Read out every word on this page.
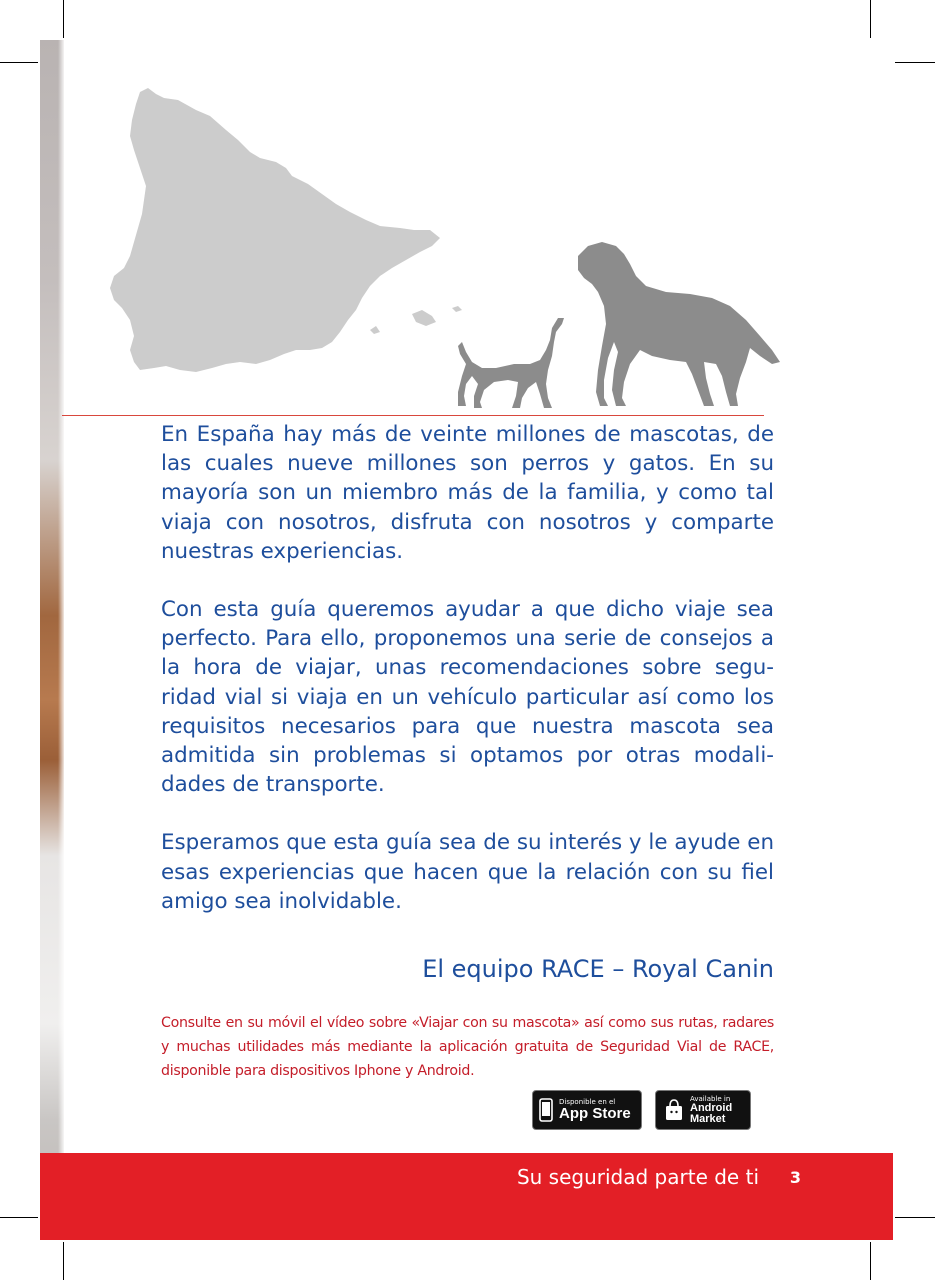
En España hay más de veinte millones de mascotas, de las cuales nueve millones son perros y gatos. En su mayoría son un miembro más de la familia, y como tal viaja con nosotros, disfruta con nosotros y comparte nuestras experiencias.

Con esta guía queremos ayudar a que dicho viaje sea perfecto. Para ello, proponemos una serie de consejos a la hora de viajar, unas recomendaciones sobre segu-ridad vial si viaja en un vehículo particular así como los requisitos necesarios para que nuestra mascota sea admitida sin problemas si optamos por otras modali-dades de transporte.

Esperamos que esta guía sea de su interés y le ayude en esas experiencias que hacen que la relación con su fiel amigo sea inolvidable.

El equipo RACE – Royal Canin
Consulte en su móvil el vídeo sobre «Viajar con su mascota» así como sus rutas, radares y muchas utilidades más mediante la aplicación gratuita de Seguridad Vial de RACE, disponible para dispositivos Iphone y Android.
Disponible en el
App Store
Available in
Android
Market
Su seguridad parte de ti 3
